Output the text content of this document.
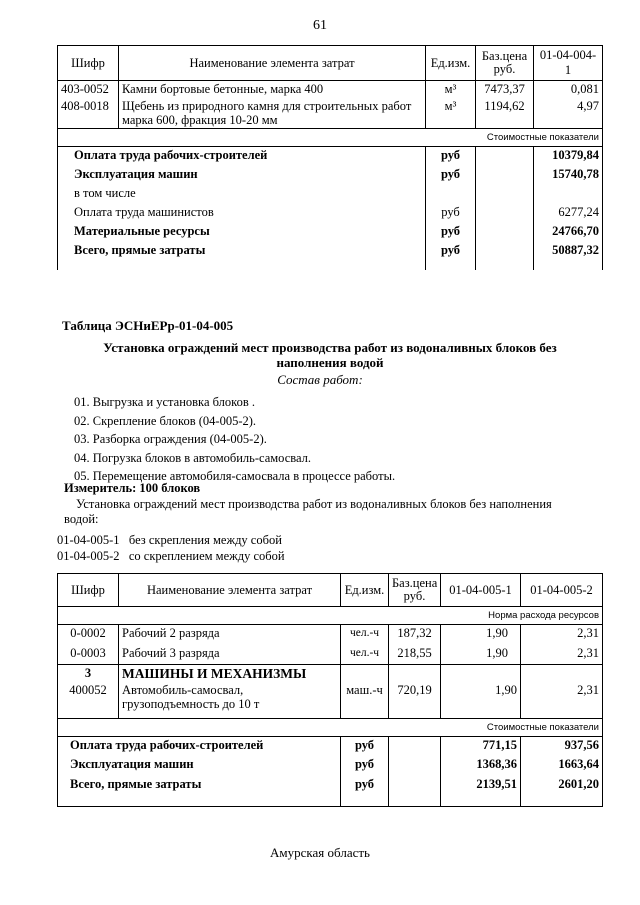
61
Шифр	Наименование элемента затрат	Ед.изм.	Баз.цена руб.	01-04-004-1
403-0052	Камни бортовые бетонные, марка 400	м³	7473,37	0,081
408-0018	Щебень из природного камня для строительных работ марка 600, фракция 10-20 мм	м³	1194,62	4,97
Стоимостные показатели				
Оплата труда рабочих-строителей		руб		10379,84
Эксплуатация машин		руб		15740,78
в том числе				
Оплата труда машинистов		руб		6277,24
Материальные ресурсы		руб		24766,70
Всего, прямые затраты		руб		50887,32
Таблица ЭСНиЕРр-01-04-005
Установка ограждений мест производства работ из водоналивных блоков без наполнения водой
Состав работ:
01. Выгрузка и установка блоков .
02. Скрепление блоков (04-005-2).
03. Разборка ограждения (04-005-2).
04. Погрузка блоков в автомобиль-самосвал.
05. Перемещение автомобиля-самосвала в процессе работы.
Измеритель: 100 блоков
Установка ограждений мест производства работ из водоналивных блоков без наполнения водой:
01-04-005-1 без скрепления между собой
01-04-005-2 со скреплением между собой
Шифр	Наименование элемента затрат	Ед.изм.	Баз.цена руб.	01-04-005-1	01-04-005-2
Норма расхода ресурсов					
0-0002	Рабочий 2 разряда	чел.-ч	187,32	1,90	2,31
0-0003	Рабочий 3 разряда	чел.-ч	218,55	1,90	2,31
3	МАШИНЫ И МЕХАНИЗМЫ				
400052	Автомобиль-самосвал, грузоподъемность до 10 т	маш.-ч	720,19	1,90	2,31
Стоимостные показатели					
Оплата труда рабочих-строителей		руб		771,15	937,56
Эксплуатация машин		руб		1368,36	1663,64
Всего, прямые затраты		руб		2139,51	2601,20
Амурская область
